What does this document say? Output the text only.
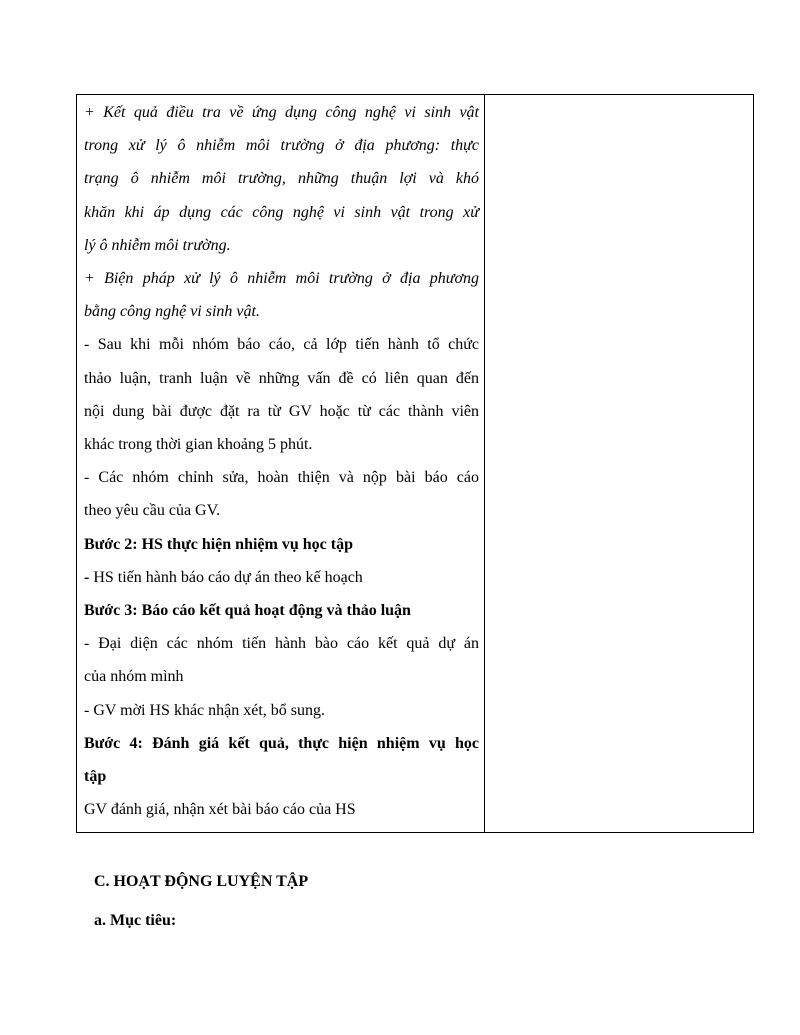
+ Kết quả điều tra về ứng dụng công nghệ vi sinh vật
trong xử lý ô nhiễm môi trường ở địa phương: thực
trạng ô nhiễm môi trường, những thuận lợi và khó
khăn khi áp dụng các công nghệ vi sinh vật trong xử
lý ô nhiễm môi trường.
+ Biện pháp xử lý ô nhiễm môi trường ở địa phương
bằng công nghệ vi sinh vật.
- Sau khi mỗi nhóm báo cáo, cả lớp tiến hành tổ chức
thảo luận, tranh luận về những vấn đề có liên quan đến
nội dung bài được đặt ra từ GV hoặc từ các thành viên
khác trong thời gian khoảng 5 phút.
- Các nhóm chỉnh sửa, hoàn thiện và nộp bài báo cáo
theo yêu cầu của GV.
Bước 2: HS thực hiện nhiệm vụ học tập
- HS tiến hành báo cáo dự án theo kế hoạch
Bước 3: Báo cáo kết quả hoạt động và thảo luận
- Đại diện các nhóm tiến hành bào cáo kết quả dự án
của nhóm mình
- GV mời HS khác nhận xét, bổ sung.
Bước 4: Đánh giá kết quả, thực hiện nhiệm vụ học
tập
GV đánh giá, nhận xét bài báo cáo của HS
C. HOẠT ĐỘNG LUYỆN TẬP
a. Mục tiêu:
